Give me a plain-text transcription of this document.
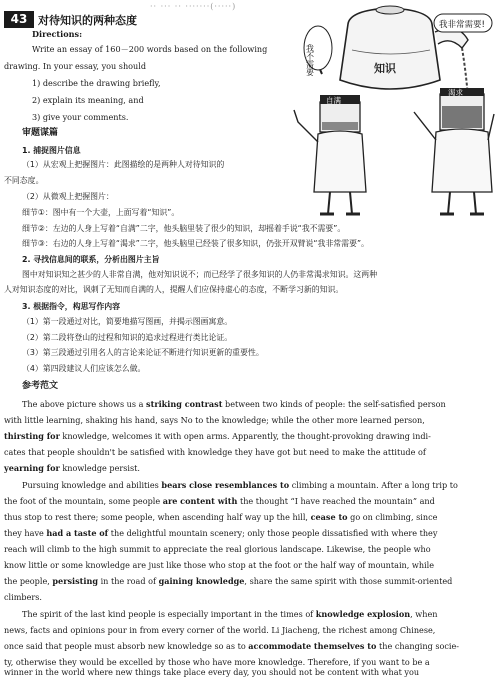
·· ··· ·· ·······(·····)
43 对待知识的两种态度
Directions:
Write an essay of 160－200 words based on the following
drawing. In your essay, you should
1) describe the drawing briefly,
2) explain its meaning, and
3) give your comments.
知识
我非常需要!
我不需要
自满
渴求
审题谋篇
1. 捕捉图片信息
（1）从宏观上把握图片：此图描绘的是两种人对待知识的
不同态度。
（2）从微观上把握图片：
细节①：图中有一个大壶，上面写着“知识”。
细节②：左边的人身上写着“自满”二字，他头脑里装了很少的知识，却摇着手说“我不需要”。
细节③：右边的人身上写着“渴求”二字，他头脑里已经装了很多知识，仍张开双臂说“我非常需要”。
2. 寻找信息间的联系，分析出图片主旨
图中对知识知之甚少的人非常自满，他对知识说不；而已经学了很多知识的人仍非常渴求知识。这两种
人对知识态度的对比，讽刺了无知而自满的人，提醒人们应保持虚心的态度，不断学习新的知识。
3. 根据指令，构思写作内容
（1）第一段通过对比，简要地描写图画，并揭示图画寓意。
（2）第二段将登山的过程和知识的追求过程进行类比论证。
（3）第三段通过引用名人的言论来论证不断进行知识更新的重要性。
（4）第四段建议人们应该怎么做。
参考范文
The above picture shows us a striking contrast between two kinds of people: the self-satisfied person
with little learning, shaking his hand, says No to the knowledge; while the other more learned person,
thirsting for knowledge, welcomes it with open arms. Apparently, the thought-provoking drawing indi-
cates that people shouldn't be satisfied with knowledge they have got but need to make the attitude of
yearning for knowledge persist.
Pursuing knowledge and abilities bears close resemblances to climbing a mountain. After a long trip to
the foot of the mountain, some people are content with the thought “I have reached the mountain” and
thus stop to rest there; some people, when ascending half way up the hill, cease to go on climbing, since
they have had a taste of the delightful mountain scenery; only those people dissatisfied with where they
reach will climb to the high summit to appreciate the real glorious landscape. Likewise, the people who
know little or some knowledge are just like those who stop at the foot or the half way of mountain, while
the people, persisting in the road of gaining knowledge, share the same spirit with those summit-oriented
climbers.
The spirit of the last kind people is especially important in the times of knowledge explosion, when
news, facts and opinions pour in from every corner of the world. Li Jiacheng, the richest among Chinese,
once said that people must absorb new knowledge so as to accommodate themselves to the changing socie-
ty, otherwise they would be excelled by those who have more knowledge. Therefore, if you want to be a
winner in the world where new things take place every day, you should not be content with what you
